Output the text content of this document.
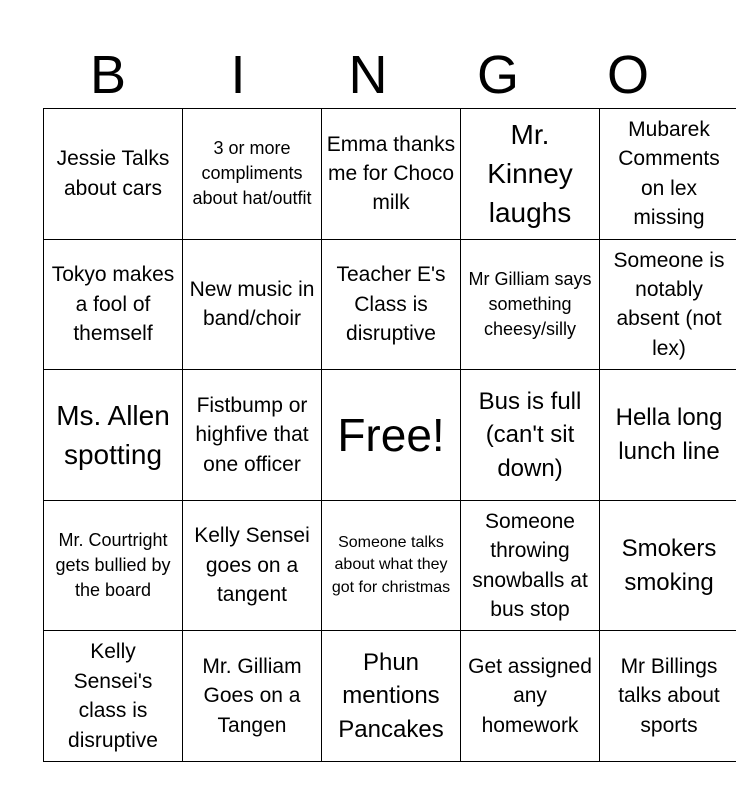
B	I	N	G	O
Jessie Talks about cars	3 or more compliments about hat/outfit	Emma thanks me for Choco milk	Mr. Kinney laughs	Mubarek Comments on lex missing

Tokyo makes a fool of themself	New music in band/choir	Teacher E's Class is disruptive	Mr Gilliam says something cheesy/silly	Someone is notably absent (not lex)

Ms. Allen spotting	Fistbump or highfive that one officer	Free!	Bus is full (can't sit down)	Hella long lunch line

Mr. Courtright gets bullied by the board	Kelly Sensei goes on a tangent	Someone talks about what they got for christmas	Someone throwing snowballs at bus stop	Smokers smoking

Kelly Sensei's class is disruptive	Mr. Gilliam Goes on a Tangen	Phun mentions Pancakes	Get assigned any homework	Mr Billings talks about sports
